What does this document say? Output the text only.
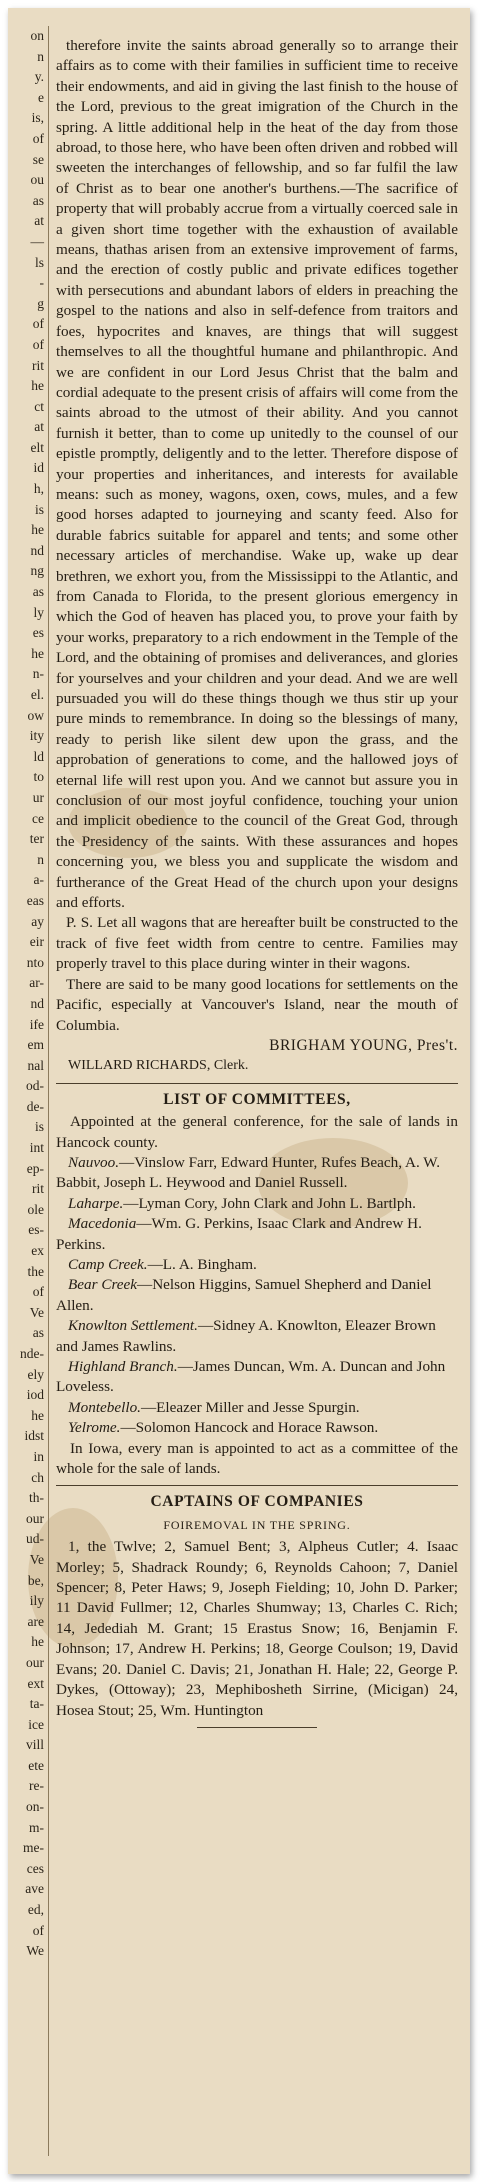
on
n
y.
e
is,
of
se
ou
as
at
—
ls
-
g
of
of
rit
he
ct
at
elt
id
h,
is
he
nd
ng
as
ly
es
he
n-
el.
ow
ity
ld
to
ur
ce
ter
n
a-
eas
ay
eir
nto
ar-
nd
ife
em
nal
od-
de-
is
int
ep-
rit
ole
es-
ex
the
of
Ve
as
nde-
ely
iod
he
idst
in
ch
th-
our
ud-
Ve
be,
ily
are
he
our
ext
ta-
ice
vill
ete
re-
on-
m-
me-
ces
ave
ed,
of
We

therefore invite the saints abroad generally so to arrange their affairs as to come with their families in sufficient time to receive their endowments, and aid in giving the last finish to the house of the Lord, previous to the great imigration of the Church in the spring. A little additional help in the heat of the day from those abroad, to those here, who have been often driven and robbed will sweeten the interchanges of fellowship, and so far fulfil the law of Christ as to bear one another's burthens.—The sacrifice of property that will probably accrue from a virtually coerced sale in a given short time together with the exhaustion of available means, thathas arisen from an extensive improvement of farms, and the erection of costly public and private edifices together with persecutions and abundant labors of elders in preaching the gospel to the nations and also in self-defence from traitors and foes, hypocrites and knaves, are things that will suggest themselves to all the thoughtful humane and philanthropic. And we are confident in our Lord Jesus Christ that the balm and cordial adequate to the present crisis of affairs will come from the saints abroad to the utmost of their ability. And you cannot furnish it better, than to come up unitedly to the counsel of our epistle promptly, deligently and to the letter. Therefore dispose of your properties and inheritances, and interests for available means: such as money, wagons, oxen, cows, mules, and a few good horses adapted to journeying and scanty feed. Also for durable fabrics suitable for apparel and tents; and some other necessary articles of merchandise. Wake up, wake up dear brethren, we exhort you, from the Mississippi to the Atlantic, and from Canada to Florida, to the present glorious emergency in which the God of heaven has placed you, to prove your faith by your works, preparatory to a rich endowment in the Temple of the Lord, and the obtaining of promises and deliverances, and glories for yourselves and your children and your dead. And we are well pursuaded you will do these things though we thus stir up your pure minds to remembrance. In doing so the blessings of many, ready to perish like silent dew upon the grass, and the approbation of generations to come, and the hallowed joys of eternal life will rest upon you. And we cannot but assure you in conclusion of our most joyful confidence, touching your union and implicit obedience to the council of the Great God, through the Presidency of the saints. With these assurances and hopes concerning you, we bless you and supplicate the wisdom and furtherance of the Great Head of the church upon your designs and efforts.

P. S. Let all wagons that are hereafter built be constructed to the track of five feet width from centre to centre. Families may properly travel to this place during winter in their wagons.

There are said to be many good locations for settlements on the Pacific, especially at Vancouver's Island, near the mouth of Columbia.

BRIGHAM YOUNG, Pres't.

WILLARD RICHARDS, Clerk.

LIST OF COMMITTEES,

Appointed at the general conference, for the sale of lands in Hancock county.

Nauvoo.—Vinslow Farr, Edward Hunter, Rufes Beach, A. W. Babbit, Joseph L. Heywood and Daniel Russell.

Laharpe.—Lyman Cory, John Clark and John L. Bartlph.

Macedonia—Wm. G. Perkins, Isaac Clark and Andrew H. Perkins.

Camp Creek.—L. A. Bingham.

Bear Creek—Nelson Higgins, Samuel Shepherd and Daniel Allen.

Knowlton Settlement.—Sidney A. Knowlton, Eleazer Brown and James Rawlins.

Highland Branch.—James Duncan, Wm. A. Duncan and John Loveless.

Montebello.—Eleazer Miller and Jesse Spurgin.

Yelrome.—Solomon Hancock and Horace Rawson.

In Iowa, every man is appointed to act as a committee of the whole for the sale of lands.

CAPTAINS OF COMPANIES
FOIREMOVAL IN THE SPRING.

1, the Twlve; 2, Samuel Bent; 3, Alpheus Cutler; 4. Isaac Morley; 5, Shadrack Roundy; 6, Reynolds Cahoon; 7, Daniel Spencer; 8, Peter Haws; 9, Joseph Fielding; 10, John D. Parker; 11 David Fullmer; 12, Charles Shumway; 13, Charles C. Rich; 14, Jedediah M. Grant; 15 Erastus Snow; 16, Benjamin F. Johnson; 17, Andrew H. Perkins; 18, George Coulson; 19, David Evans; 20. Daniel C. Davis; 21, Jonathan H. Hale; 22, George P. Dykes, (Ottoway); 23, Mephibosheth Sirrine, (Micigan) 24, Hosea Stout; 25, Wm. Huntington
